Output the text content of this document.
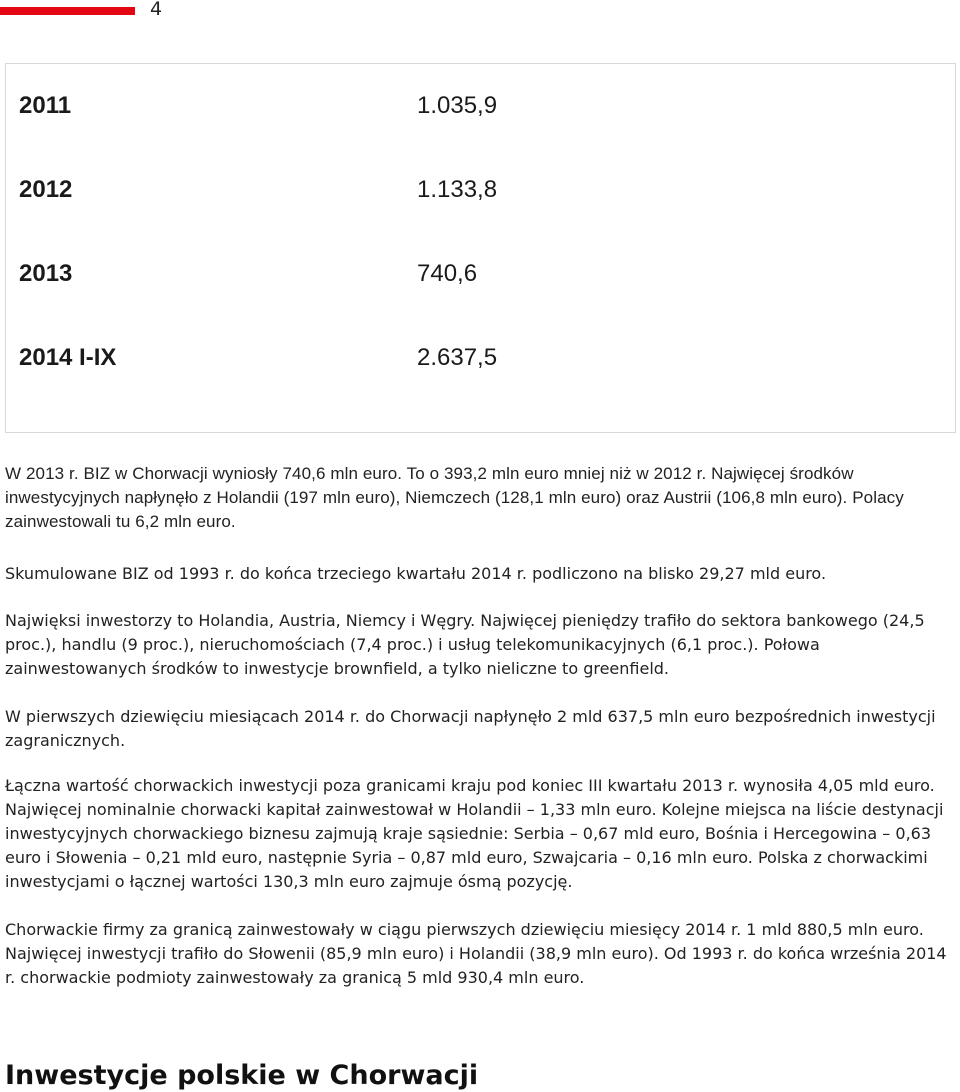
4
2011	1.035,9
2012	1.133,8
2013	740,6
2014 I-IX	2.637,5
W 2013 r. BIZ w Chorwacji wyniosły 740,6 mln euro. To o 393,2 mln euro mniej niż w 2012 r. Najwięcej środków inwestycyjnych napłynęło z Holandii (197 mln euro), Niemczech (128,1 mln euro) oraz Austrii (106,8 mln euro). Polacy zainwestowali tu 6,2 mln euro.
Skumulowane BIZ od 1993 r. do końca trzeciego kwartału 2014 r. podliczono na blisko 29,27 mld euro.
Najwięksi inwestorzy to Holandia, Austria, Niemcy i Węgry. Najwięcej pieniędzy trafiło do sektora bankowego (24,5 proc.), handlu (9 proc.), nieruchomościach (7,4 proc.) i usług telekomunikacyjnych (6,1 proc.). Połowa zainwestowanych środków to inwestycje brownfield, a tylko nieliczne to greenfield.
W pierwszych dziewięciu miesiącach 2014 r. do Chorwacji napłynęło 2 mld 637,5 mln euro bezpośrednich inwestycji zagranicznych.
Łączna wartość chorwackich inwestycji poza granicami kraju pod koniec III kwartału 2013 r. wynosiła 4,05 mld euro. Najwięcej nominalnie chorwacki kapitał zainwestował w Holandii – 1,33 mln euro. Kolejne miejsca na liście destynacji inwestycyjnych chorwackiego biznesu zajmują kraje sąsiednie: Serbia – 0,67 mld euro, Bośnia i Hercegowina – 0,63 euro i Słowenia – 0,21 mld euro, następnie Syria – 0,87 mld euro, Szwajcaria – 0,16 mln euro. Polska z chorwackimi inwestycjami o łącznej wartości 130,3 mln euro zajmuje ósmą pozycję.
Chorwackie firmy za granicą zainwestowały w ciągu pierwszych dziewięciu miesięcy 2014 r. 1 mld 880,5 mln euro. Najwięcej inwestycji trafiło do Słowenii (85,9 mln euro) i Holandii (38,9 mln euro). Od 1993 r. do końca września 2014 r. chorwackie podmioty zainwestowały za granicą 5 mld 930,4 mln euro.
Inwestycje polskie w Chorwacji
